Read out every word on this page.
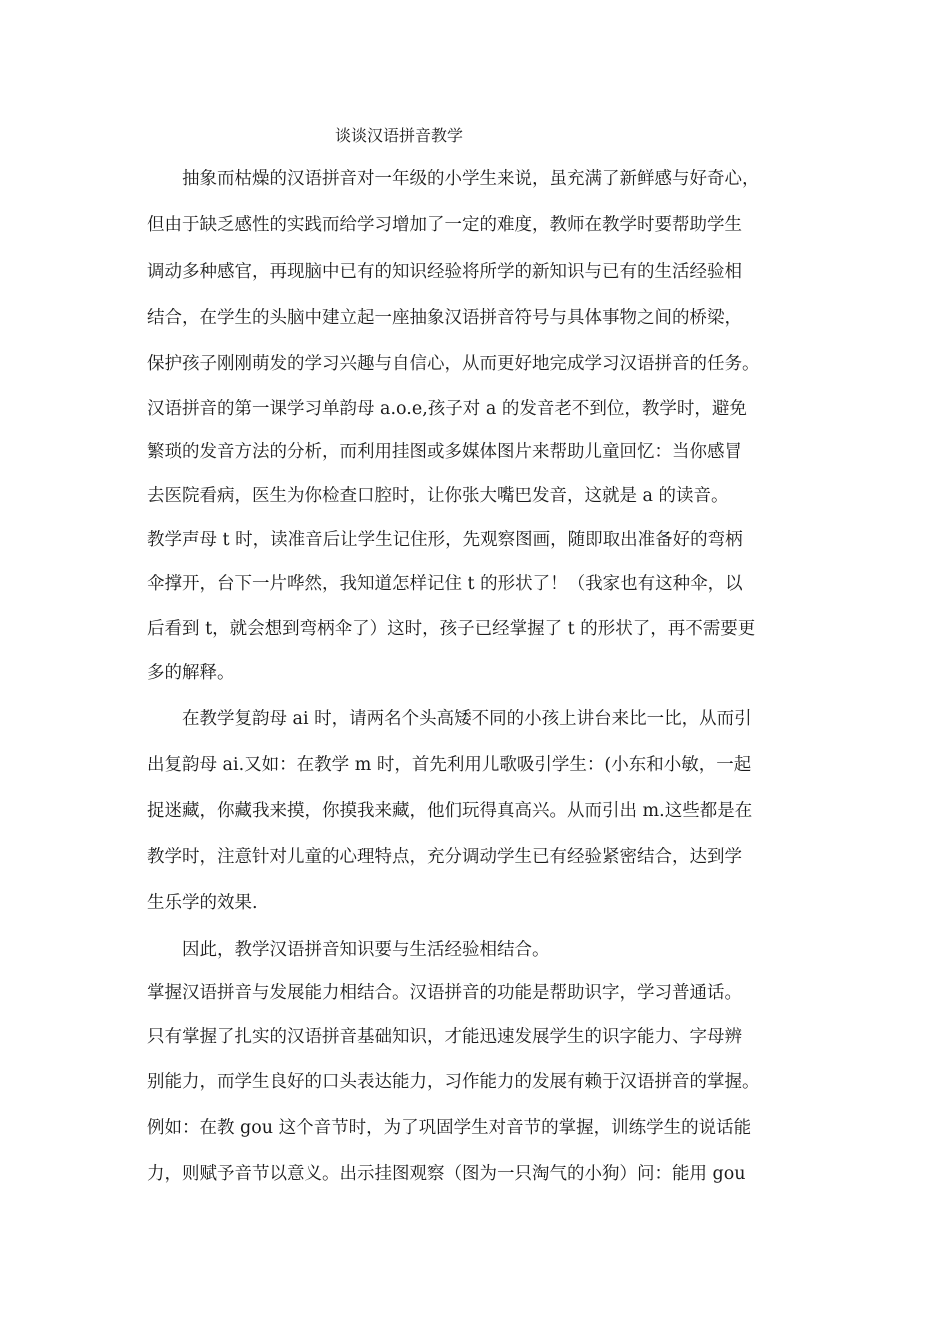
谈谈汉语拼音教学

抽象而枯燥的汉语拼音对一年级的小学生来说，虽充满了新鲜感与好奇心，

但由于缺乏感性的实践而给学习增加了一定的难度，教师在教学时要帮助学生

调动多种感官，再现脑中已有的知识经验将所学的新知识与已有的生活经验相

结合，在学生的头脑中建立起一座抽象汉语拼音符号与具体事物之间的桥梁，

保护孩子刚刚萌发的学习兴趣与自信心，从而更好地完成学习汉语拼音的任务。

汉语拼音的第一课学习单韵母 a.o.e,孩子对 a 的发音老不到位，教学时，避免

繁琐的发音方法的分析，而利用挂图或多媒体图片来帮助儿童回忆：当你感冒

去医院看病，医生为你检查口腔时，让你张大嘴巴发音，这就是 a 的读音。

教学声母 t 时，读准音后让学生记住形，先观察图画，随即取出准备好的弯柄

伞撑开，台下一片哗然，我知道怎样记住 t 的形状了！（我家也有这种伞，以

后看到 t，就会想到弯柄伞了）这时，孩子已经掌握了 t 的形状了，再不需要更

多的解释。

在教学复韵母 ai 时，请两名个头高矮不同的小孩上讲台来比一比，从而引

出复韵母 ai.又如：在教学 m 时，首先利用儿歌吸引学生：(小东和小敏，一起

捉迷藏，你藏我来摸，你摸我来藏，他们玩得真高兴。从而引出 m.这些都是在

教学时，注意针对儿童的心理特点，充分调动学生已有经验紧密结合，达到学

生乐学的效果.

因此，教学汉语拼音知识要与生活经验相结合。

掌握汉语拼音与发展能力相结合。汉语拼音的功能是帮助识字，学习普通话。

只有掌握了扎实的汉语拼音基础知识，才能迅速发展学生的识字能力、字母辨

别能力，而学生良好的口头表达能力，习作能力的发展有赖于汉语拼音的掌握。

例如：在教 gou 这个音节时，为了巩固学生对音节的掌握，训练学生的说话能

力，则赋予音节以意义。出示挂图观察（图为一只淘气的小狗）问：能用 gou
